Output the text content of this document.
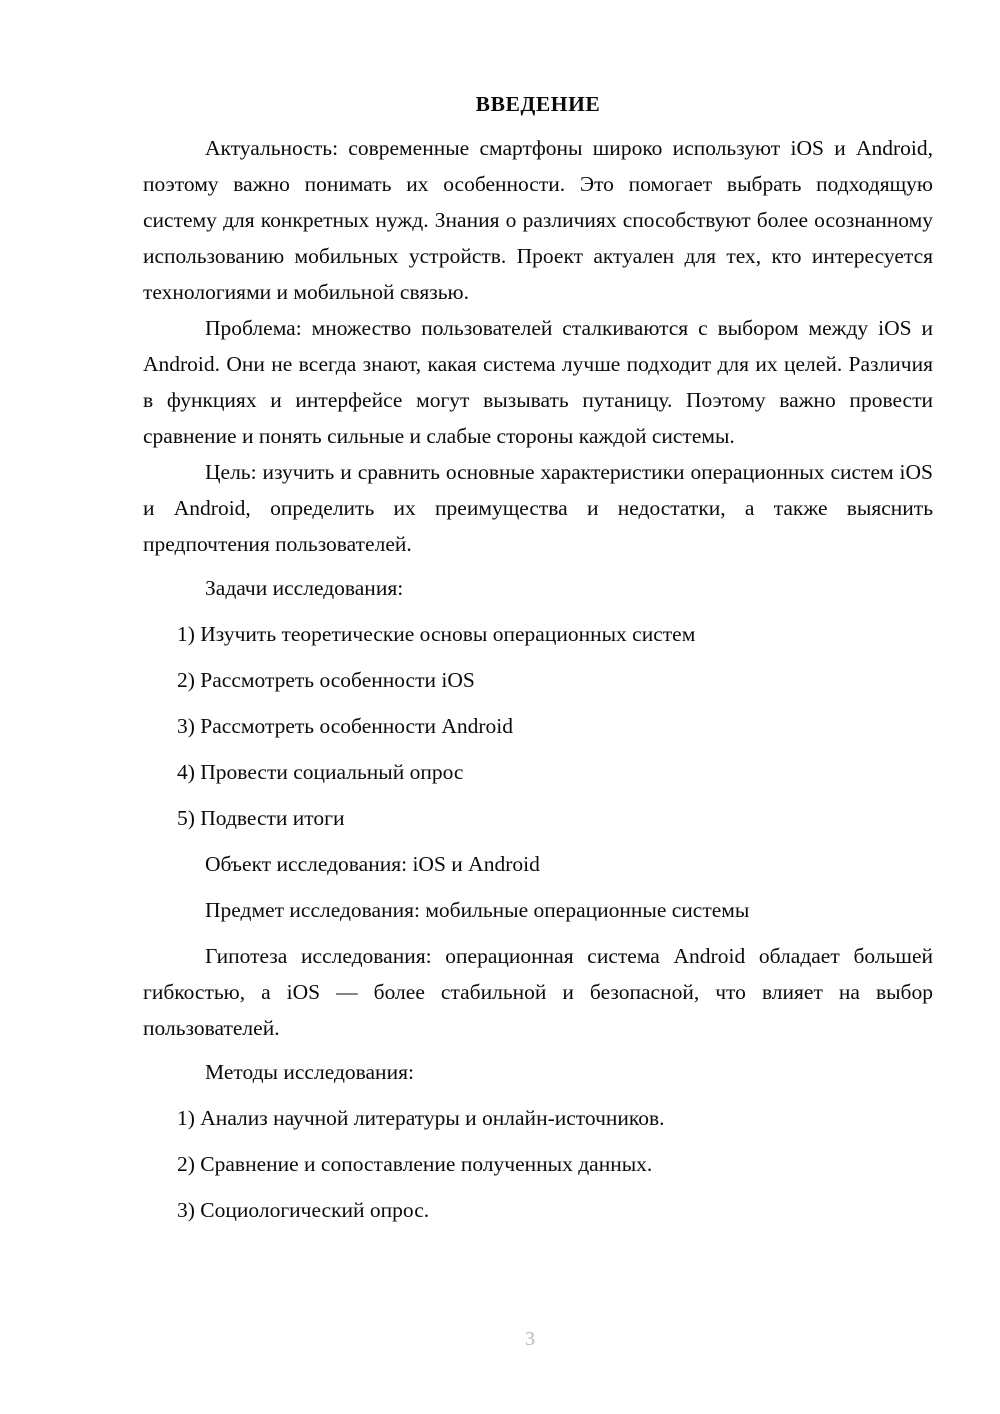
ВВЕДЕНИЕ

Актуальность: современные смартфоны широко используют iOS и Android, поэтому важно понимать их особенности. Это помогает выбрать подходящую систему для конкретных нужд. Знания о различиях способствуют более осознанному использованию мобильных устройств. Проект актуален для тех, кто интересуется технологиями и мобильной связью.

Проблема: множество пользователей сталкиваются с выбором между iOS и Android. Они не всегда знают, какая система лучше подходит для их целей. Различия в функциях и интерфейсе могут вызывать путаницу. Поэтому важно провести сравнение и понять сильные и слабые стороны каждой системы.

Цель: изучить и сравнить основные характеристики операционных систем iOS и Android, определить их преимущества и недостатки, а также выяснить предпочтения пользователей.

Задачи исследования:

1) Изучить теоретические основы операционных систем

2) Рассмотреть особенности iOS

3) Рассмотреть особенности Android

4) Провести социальный опрос

5) Подвести итоги

Объект исследования: iOS и Android

Предмет исследования: мобильные операционные системы

Гипотеза исследования: операционная система Android обладает большей гибкостью, а iOS — более стабильной и безопасной, что влияет на выбор пользователей.

Методы исследования:

1) Анализ научной литературы и онлайн-источников.

2) Сравнение и сопоставление полученных данных.

3) Социологический опрос.

3
